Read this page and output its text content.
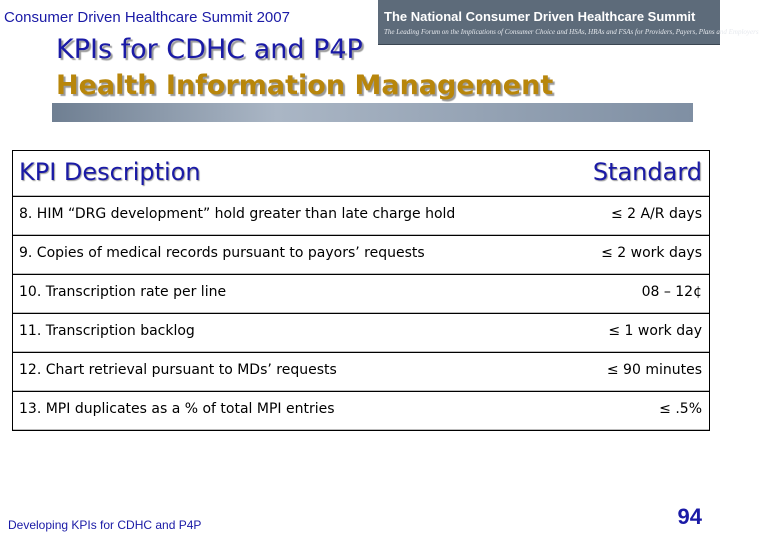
Consumer Driven Healthcare Summit 2007	The National Consumer Driven Healthcare Summit
The Leading Forum on the Implications of Consumer Choice and HSAs, HRAs and FSAs for Providers, Payers, Plans and Employers
KPIs for CDHC and P4P
Health Information Management
KPI Description	Standard
8. HIM “DRG development” hold greater than late charge hold	≤ 2 A/R days
9. Copies of medical records pursuant to payors’ requests	≤ 2 work days
10. Transcription rate per line	08 – 12¢
11. Transcription backlog	≤ 1 work day
12. Chart retrieval pursuant to MDs’ requests	≤ 90 minutes
13. MPI duplicates as a % of total MPI entries	≤ .5%
Developing KPIs for CDHC and P4P	94
